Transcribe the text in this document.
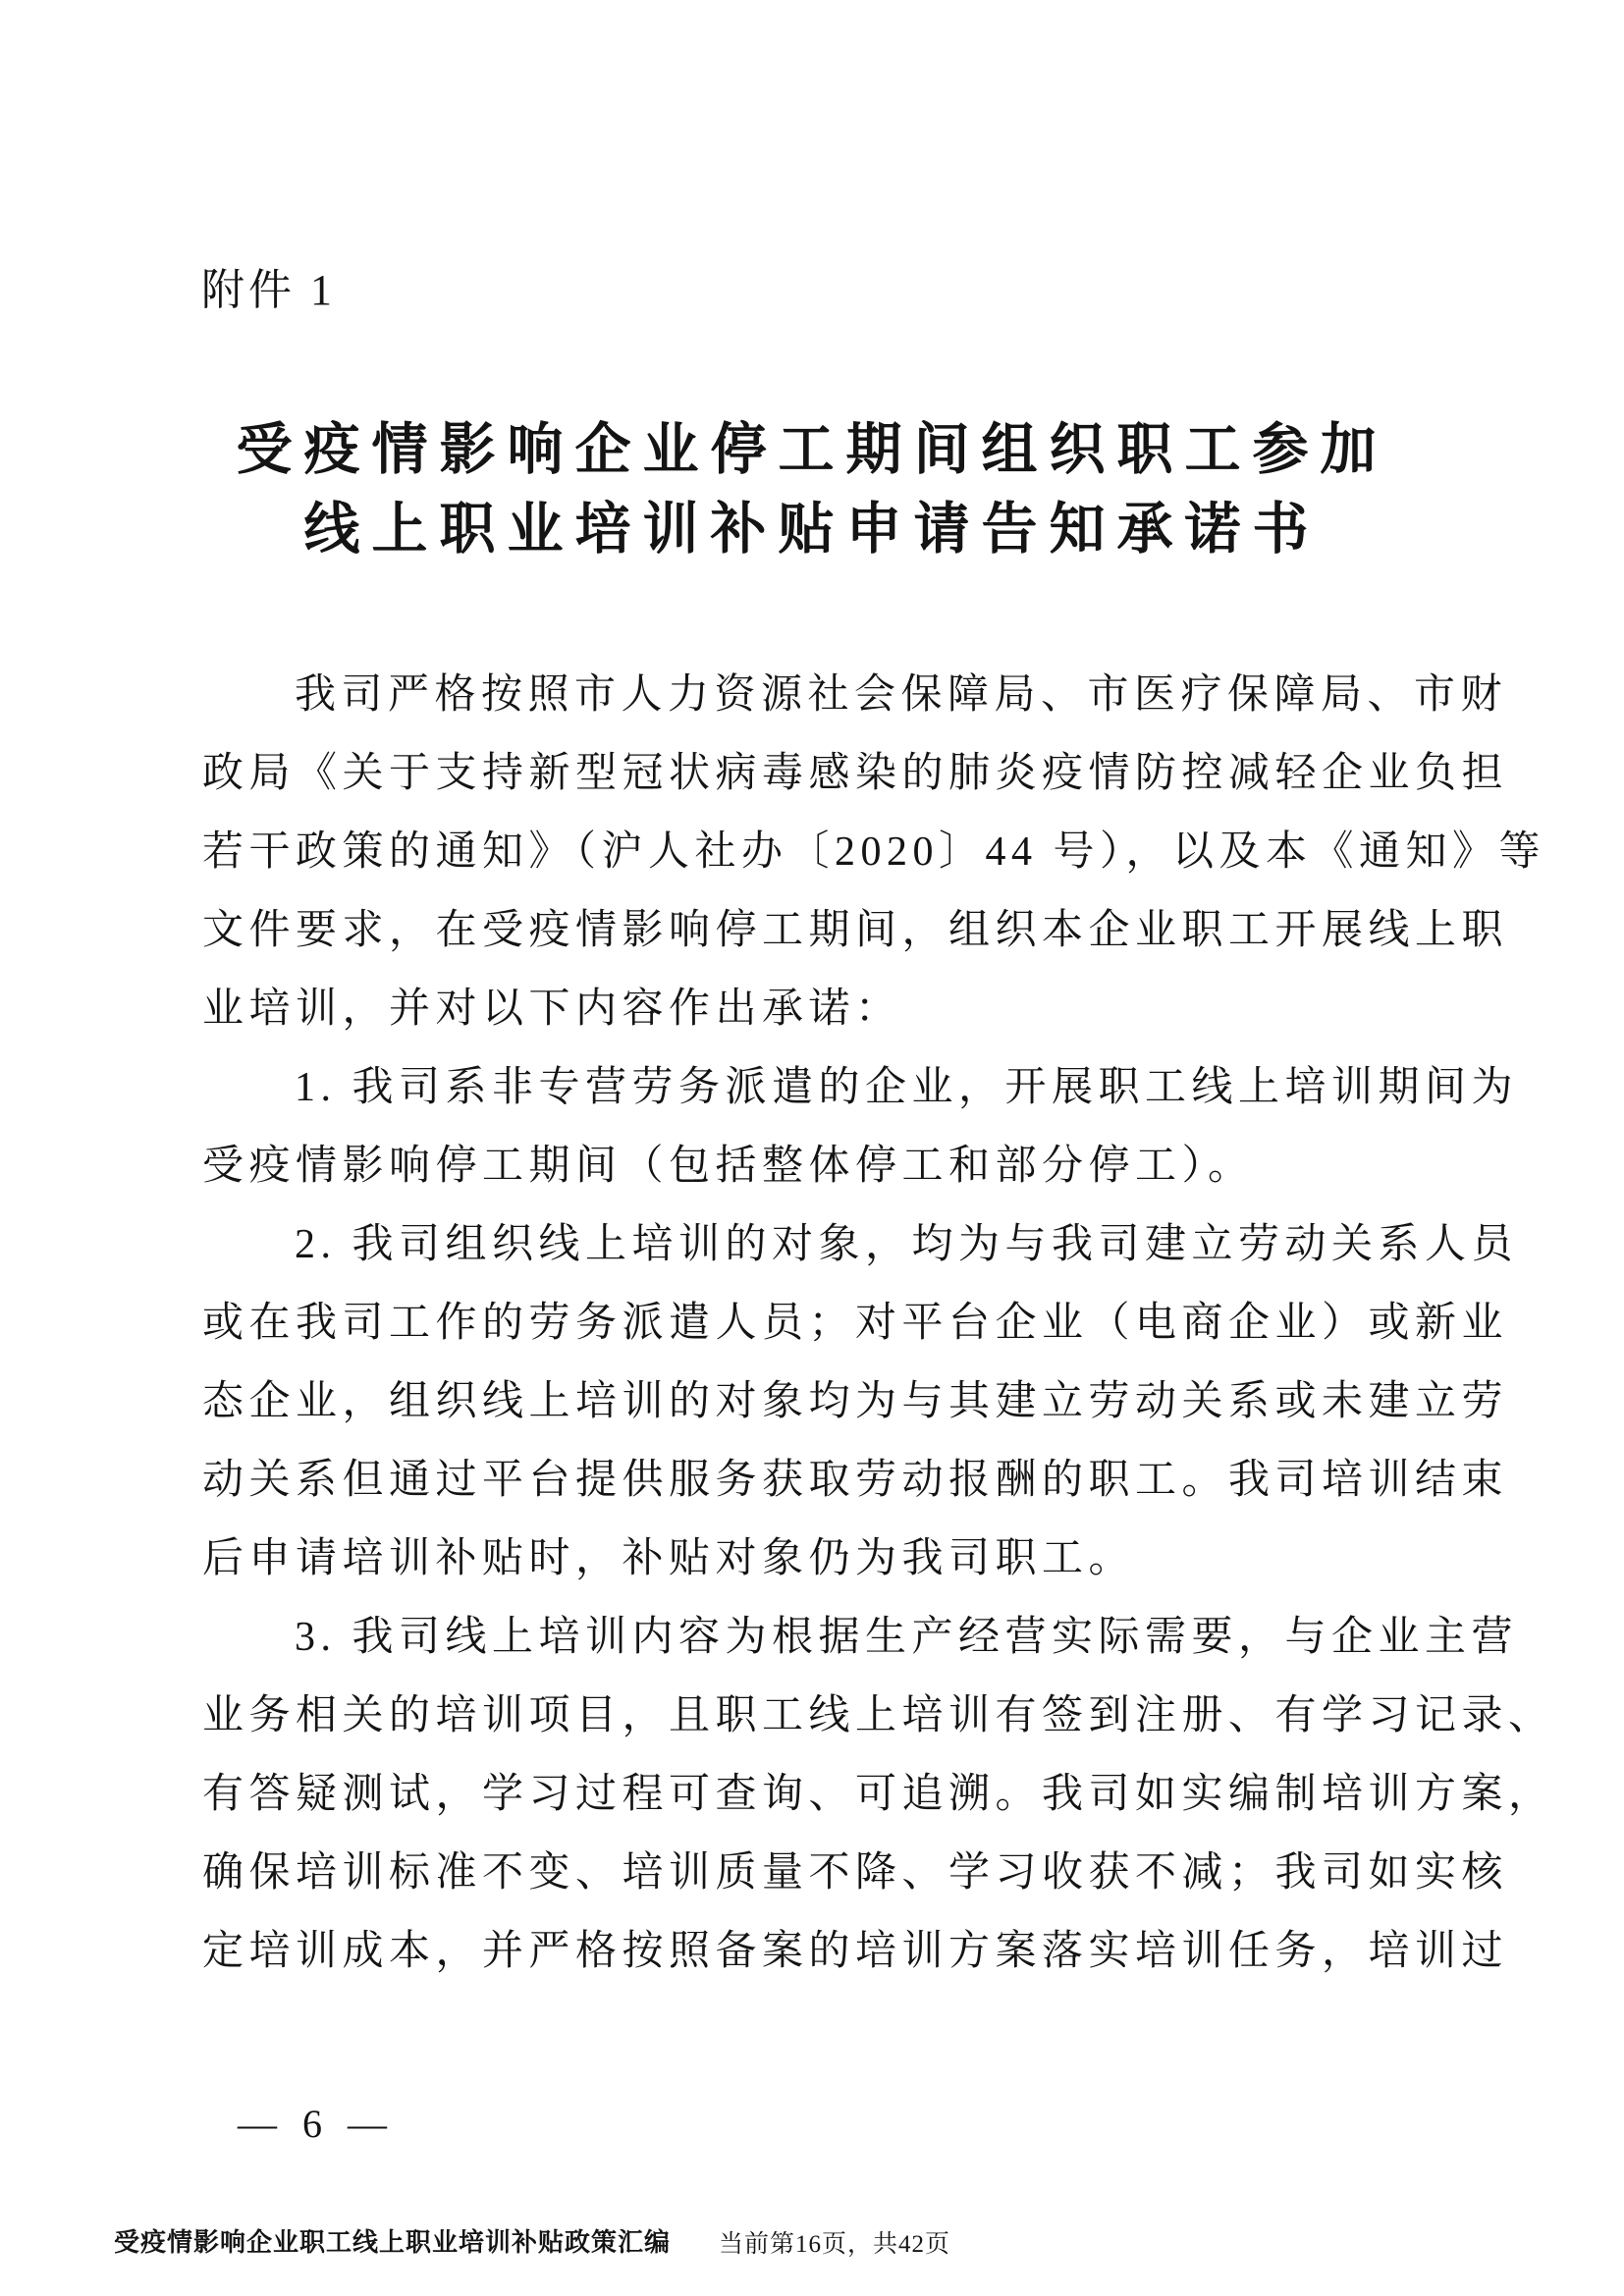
附件 1
受疫情影响企业停工期间组织职工参加
线上职业培训补贴申请告知承诺书
我司严格按照市人力资源社会保障局、市医疗保障局、市财
政局《关于支持新型冠状病毒感染的肺炎疫情防控减轻企业负担
若干政策的通知》（沪人社办〔2020〕44 号），以及本《通知》等
文件要求，在受疫情影响停工期间，组织本企业职工开展线上职
业培训，并对以下内容作出承诺：
1. 我司系非专营劳务派遣的企业，开展职工线上培训期间为
受疫情影响停工期间（包括整体停工和部分停工）。
2. 我司组织线上培训的对象，均为与我司建立劳动关系人员
或在我司工作的劳务派遣人员；对平台企业（电商企业）或新业
态企业，组织线上培训的对象均为与其建立劳动关系或未建立劳
动关系但通过平台提供服务获取劳动报酬的职工。我司培训结束
后申请培训补贴时，补贴对象仍为我司职工。
3. 我司线上培训内容为根据生产经营实际需要，与企业主营
业务相关的培训项目，且职工线上培训有签到注册、有学习记录、
有答疑测试，学习过程可查询、可追溯。我司如实编制培训方案，
确保培训标准不变、培训质量不降、学习收获不减；我司如实核
定培训成本，并严格按照备案的培训方案落实培训任务，培训过
— 6 —
受疫情影响企业职工线上职业培训补贴政策汇编 当前第16页，共42页
